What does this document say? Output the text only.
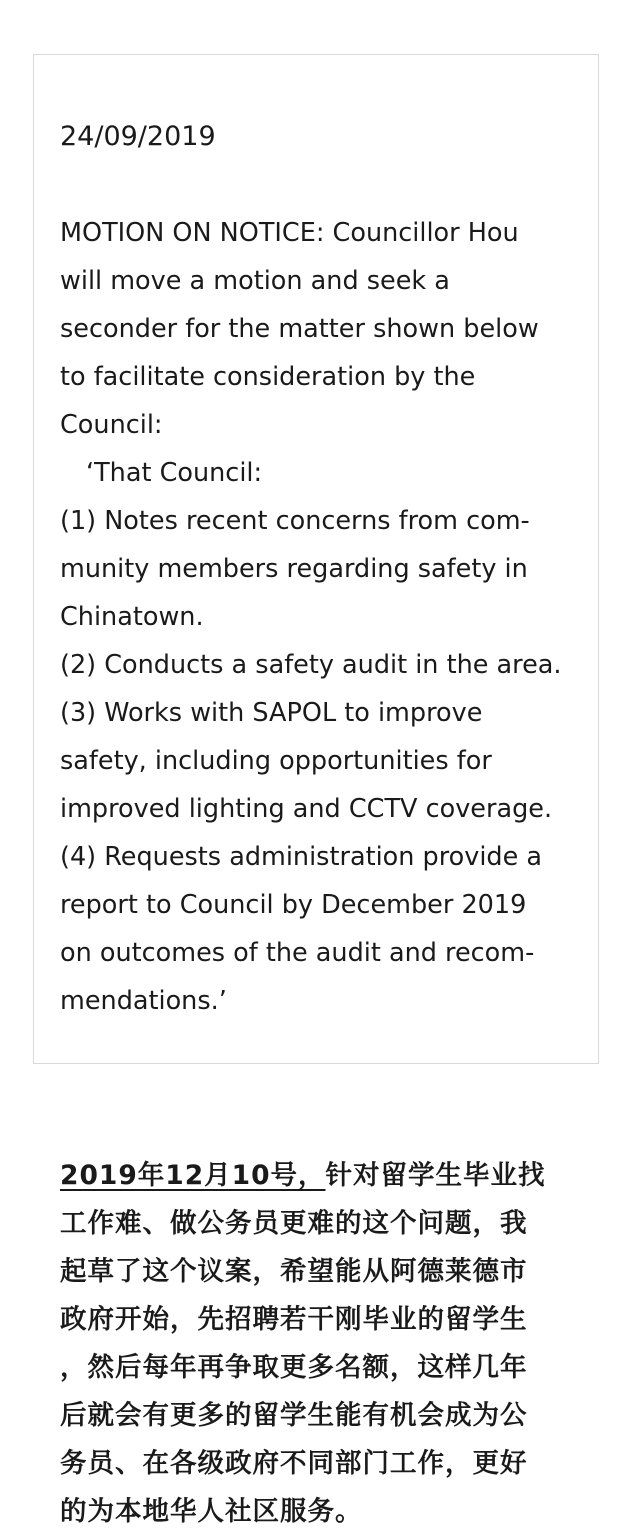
24/09/2019
MOTION ON NOTICE: Councillor Hou
will move a motion and seek a
seconder for the matter shown below
to facilitate consideration by the
Council:
‘That Council:
(1) Notes recent concerns from com-
munity members regarding safety in
Chinatown.
(2) Conducts a safety audit in the area.
(3) Works with SAPOL to improve
safety, including opportunities for
improved lighting and CCTV coverage.
(4) Requests administration provide a
report to Council by December 2019
on outcomes of the audit and recom-
mendations.’
2019年12月10号，针对留学生毕业找
工作难、做公务员更难的这个问题，我
起草了这个议案，希望能从阿德莱德市
政府开始，先招聘若干刚毕业的留学生
，然后每年再争取更多名额，这样几年
后就会有更多的留学生能有机会成为公
务员、在各级政府不同部门工作，更好
的为本地华人社区服务。
